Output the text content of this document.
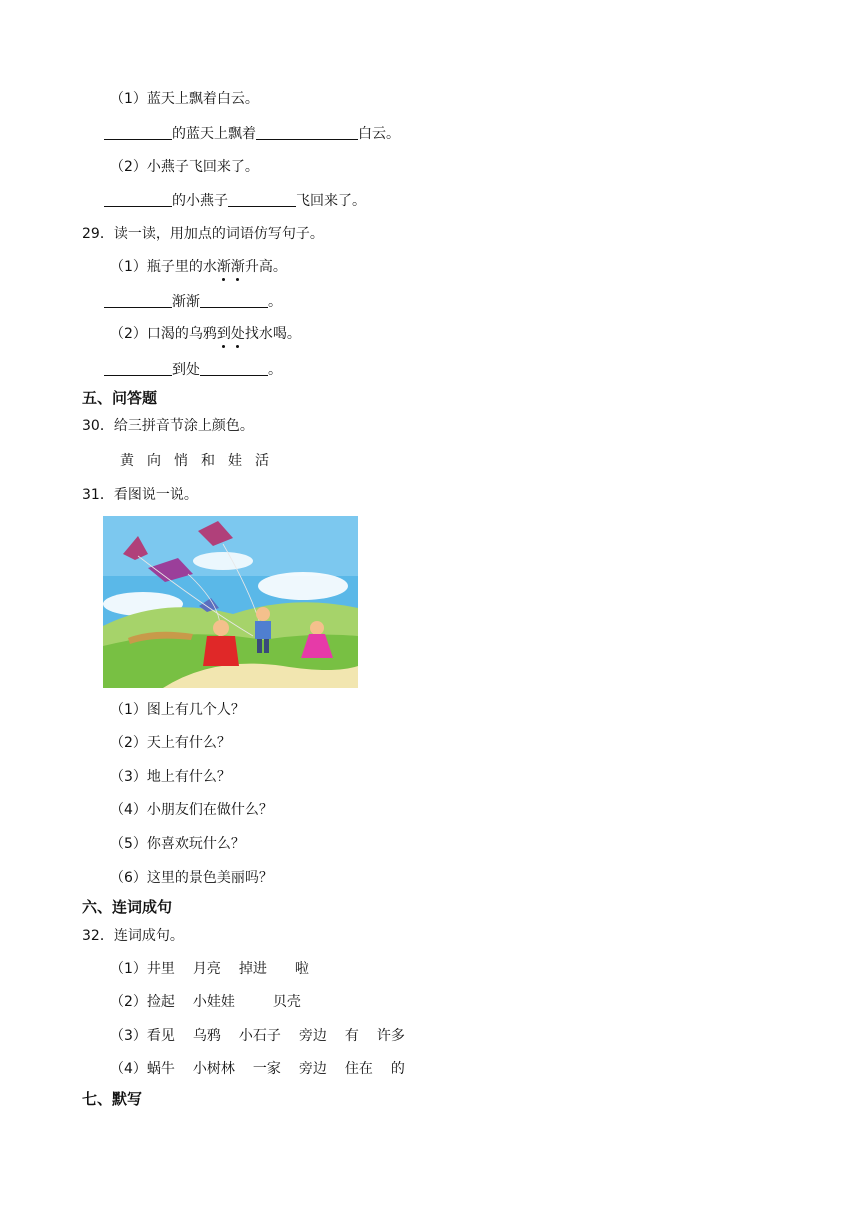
（1）蓝天上飘着白云。
的蓝天上飘着	白云。
（2）小燕子飞回来了。
的小燕子	飞回来了。
29．读一读，用加点的词语仿写句子。
（1）瓶子里的水渐渐升高。
渐渐	。
（2）口渴的乌鸦到处找水喝。
到处	。
五、问答题
30．给三拼音节涂上颜色。
黄 向 悄 和 娃 活
31．看图说一说。
（1）图上有几个人？
（2）天上有什么？
（3）地上有什么？
（4）小朋友们在做什么？
（5）你喜欢玩什么？
（6）这里的景色美丽吗？
六、连词成句
32．连词成句。
（1）井里 月亮 掉进 啦
（2）捡起 小娃娃	贝壳
（3）看见 乌鸦 小石子 旁边 有 许多
（4）蜗牛 小树林 一家 旁边 住在 的
七、默写
